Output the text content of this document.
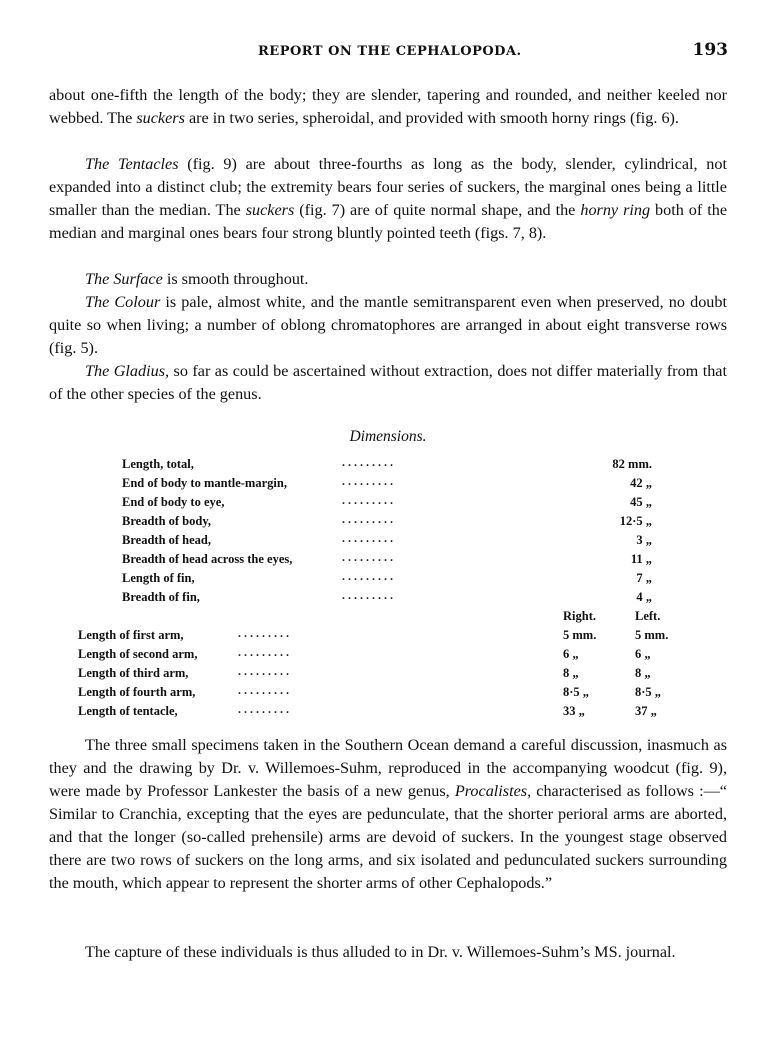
REPORT ON THE CEPHALOPODA.	193

about one-fifth the length of the body; they are slender, tapering and rounded, and neither keeled nor webbed. The suckers are in two series, spheroidal, and provided with smooth horny rings (fig. 6).

The Tentacles (fig. 9) are about three-fourths as long as the body, slender, cylindrical, not expanded into a distinct club; the extremity bears four series of suckers, the marginal ones being a little smaller than the median. The suckers (fig. 7) are of quite normal shape, and the horny ring both of the median and marginal ones bears four strong bluntly pointed teeth (figs. 7, 8).

The Surface is smooth throughout.

The Colour is pale, almost white, and the mantle semitransparent even when preserved, no doubt quite so when living; a number of oblong chromatophores are arranged in about eight transverse rows (fig. 5).

The Gladius, so far as could be ascertained without extraction, does not differ materially from that of the other species of the genus.

Dimensions.
Length, total,	. . . . . . . . .	82 mm.
End of body to mantle-margin,	. . . . . . . . .	42 „
End of body to eye,	. . . . . . . . .	45 „
Breadth of body,	. . . . . . . . .	12·5 „
Breadth of head,	. . . . . . . . .	3 „
Breadth of head across the eyes,	. . . . . . . . .	11 „
Length of fin,	. . . . . . . . .	7 „
Breadth of fin,	. . . . . . . . .	4 „
		Right.	Left.
Length of first arm,	. . . . . . . . .	5 mm.	5 mm.
Length of second arm,	. . . . . . . . .	6 „	6 „
Length of third arm,	. . . . . . . . .	8 „	8 „
Length of fourth arm,	. . . . . . . . .	8·5 „	8·5 „
Length of tentacle,	. . . . . . . . .	33 „	37 „

The three small specimens taken in the Southern Ocean demand a careful discussion, inasmuch as they and the drawing by Dr. v. Willemoes-Suhm, reproduced in the accompanying woodcut (fig. 9), were made by Professor Lankester the basis of a new genus, Procalistes, characterised as follows :—“ Similar to Cranchia, excepting that the eyes are pedunculate, that the shorter perioral arms are aborted, and that the longer (so-called prehensile) arms are devoid of suckers. In the youngest stage observed there are two rows of suckers on the long arms, and six isolated and pedunculated suckers surrounding the mouth, which appear to represent the shorter arms of other Cephalopods.”

The capture of these individuals is thus alluded to in Dr. v. Willemoes-Suhm’s MS. journal.
